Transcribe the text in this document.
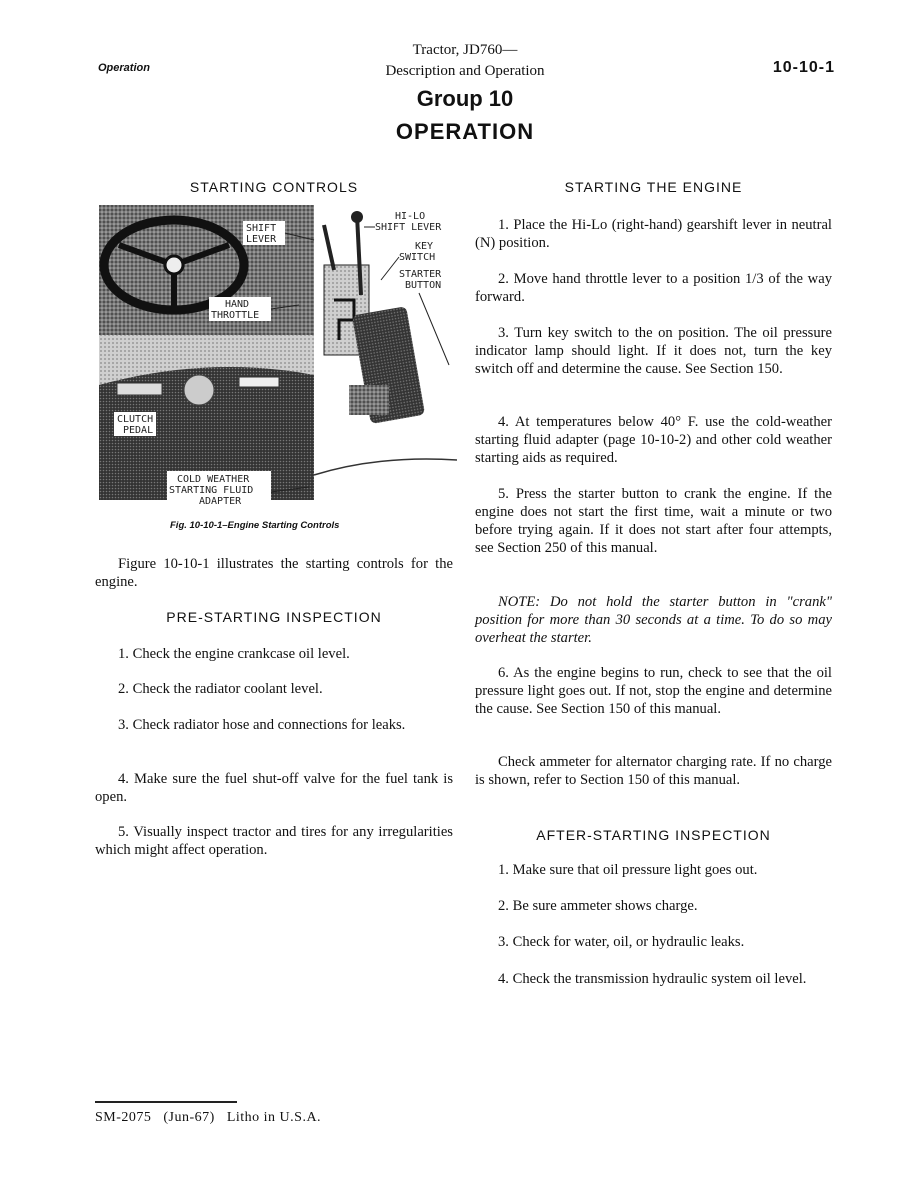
Operation
Tractor, JD760—
Description and Operation	10-10-1
Group 10
OPERATION
STARTING CONTROLS
SHIFT
LEVER
HAND
THROTTLE
CLUTCH
PEDAL
COLD WEATHER
STARTING FLUID
ADAPTER
HI-LO
SHIFT LEVER
KEY
SWITCH
STARTER
BUTTON
Fig. 10-10-1–Engine Starting Controls

Figure 10-10-1 illustrates the starting controls for the engine.

PRE-STARTING INSPECTION

1. Check the engine crankcase oil level.

2. Check the radiator coolant level.

3. Check radiator hose and connections for leaks.

4. Make sure the fuel shut-off valve for the fuel tank is open.

5. Visually inspect tractor and tires for any irregularities which might affect operation.

STARTING THE ENGINE

1. Place the Hi-Lo (right-hand) gearshift lever in neutral (N) position.

2. Move hand throttle lever to a position 1/3 of the way forward.

3. Turn key switch to the on position. The oil pressure indicator lamp should light. If it does not, turn the key switch off and determine the cause. See Section 150.

4. At temperatures below 40° F. use the cold-weather starting fluid adapter (page 10-10-2) and other cold weather starting aids as required.

5. Press the starter button to crank the engine. If the engine does not start the first time, wait a minute or two before trying again. If it does not start after four attempts, see Section 250 of this manual.

NOTE: Do not hold the starter button in "crank" position for more than 30 seconds at a time. To do so may overheat the starter.

6. As the engine begins to run, check to see that the oil pressure light goes out. If not, stop the engine and determine the cause. See Section 150 of this manual.

Check ammeter for alternator charging rate. If no charge is shown, refer to Section 150 of this manual.

AFTER-STARTING INSPECTION

1. Make sure that oil pressure light goes out.

2. Be sure ammeter shows charge.

3. Check for water, oil, or hydraulic leaks.

4. Check the transmission hydraulic system oil level.

SM-2075   (Jun-67)   Litho in U.S.A.
